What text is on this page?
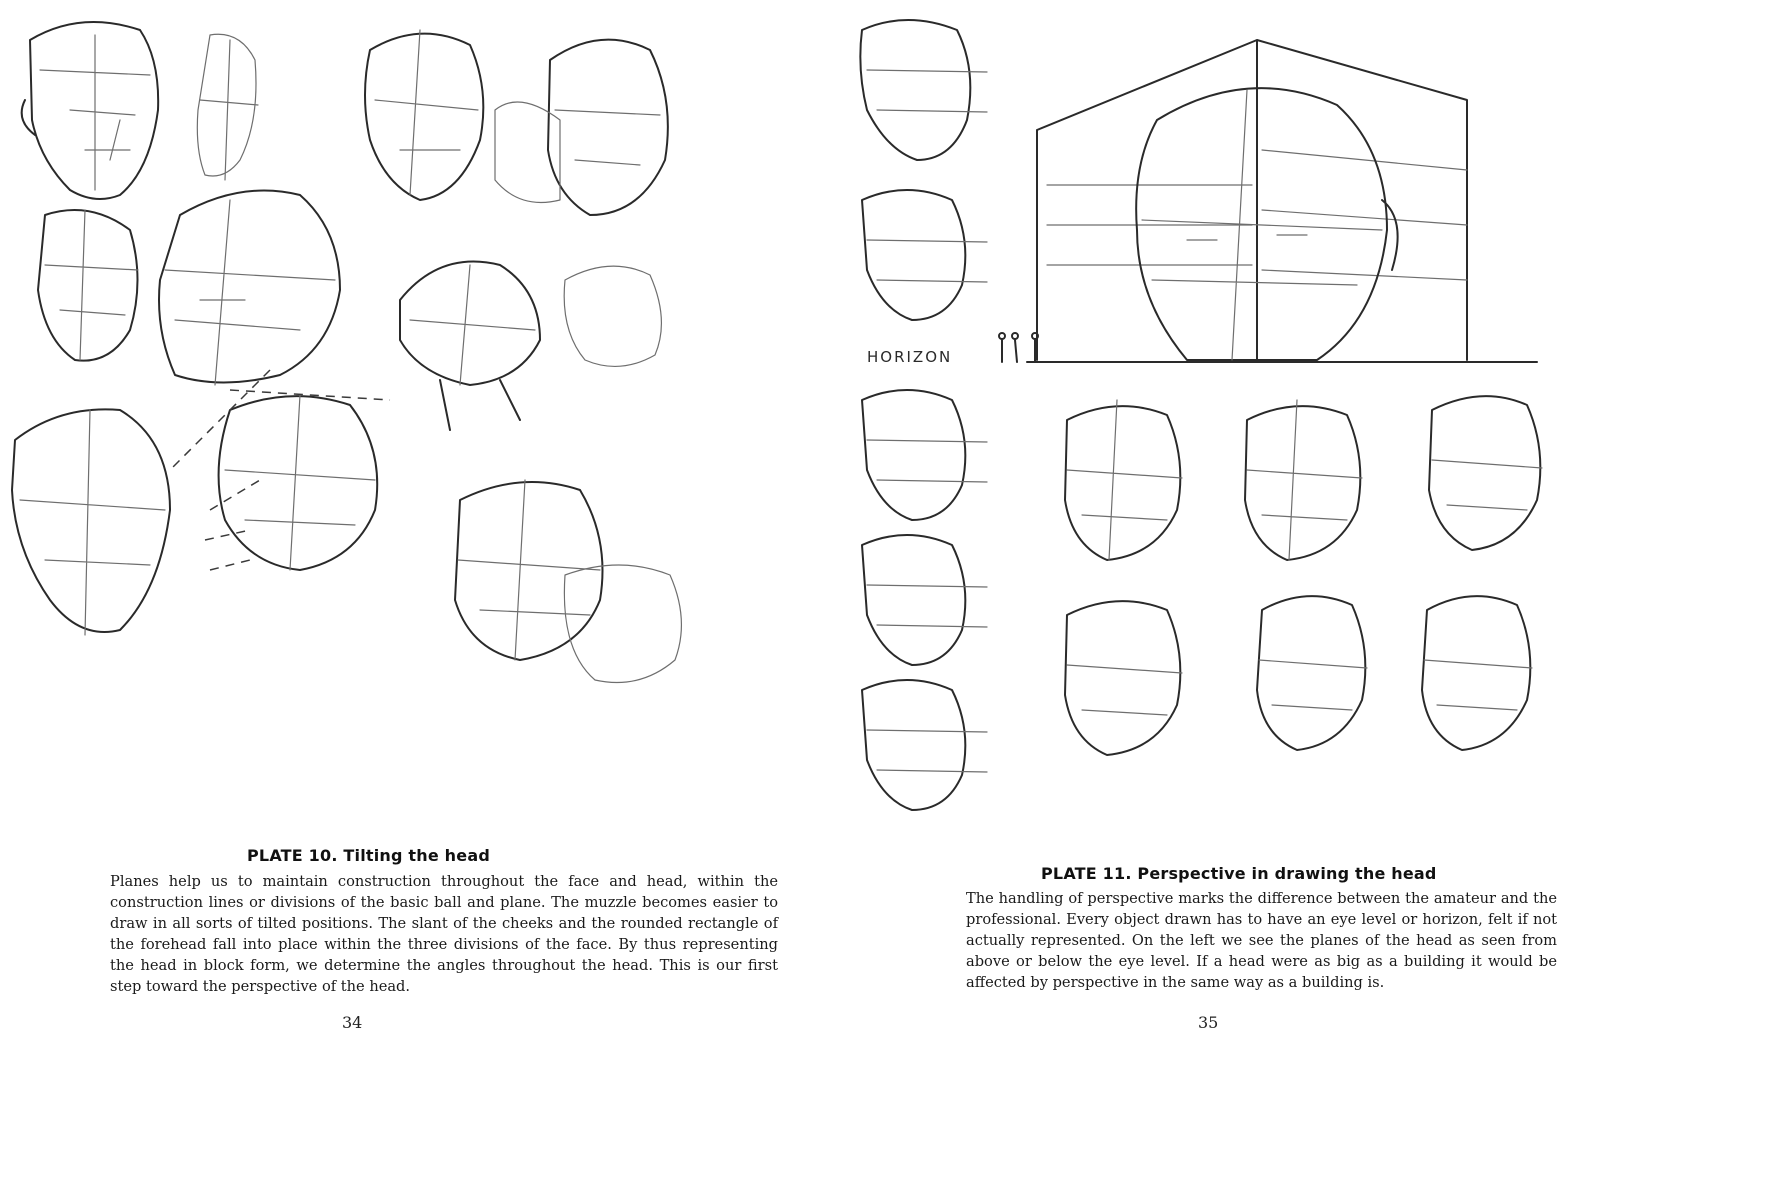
PLATE 10. Tilting the head

Planes help us to maintain construction throughout the face and head, within the construction lines or divisions of the basic ball and plane. The muzzle becomes easier to draw in all sorts of tilted positions. The slant of the cheeks and the rounded rectangle of the forehead fall into place within the three divisions of the face. By thus representing the head in block form, we determine the angles throughout the head. This is our first step toward the perspective of the head.

34
HORIZON
PLATE 11. Perspective in drawing the head

The handling of perspective marks the difference between the amateur and the professional. Every object drawn has to have an eye level or horizon, felt if not actually represented. On the left we see the planes of the head as seen from above or below the eye level. If a head were as big as a building it would be affected by perspective in the same way as a building is.

35
